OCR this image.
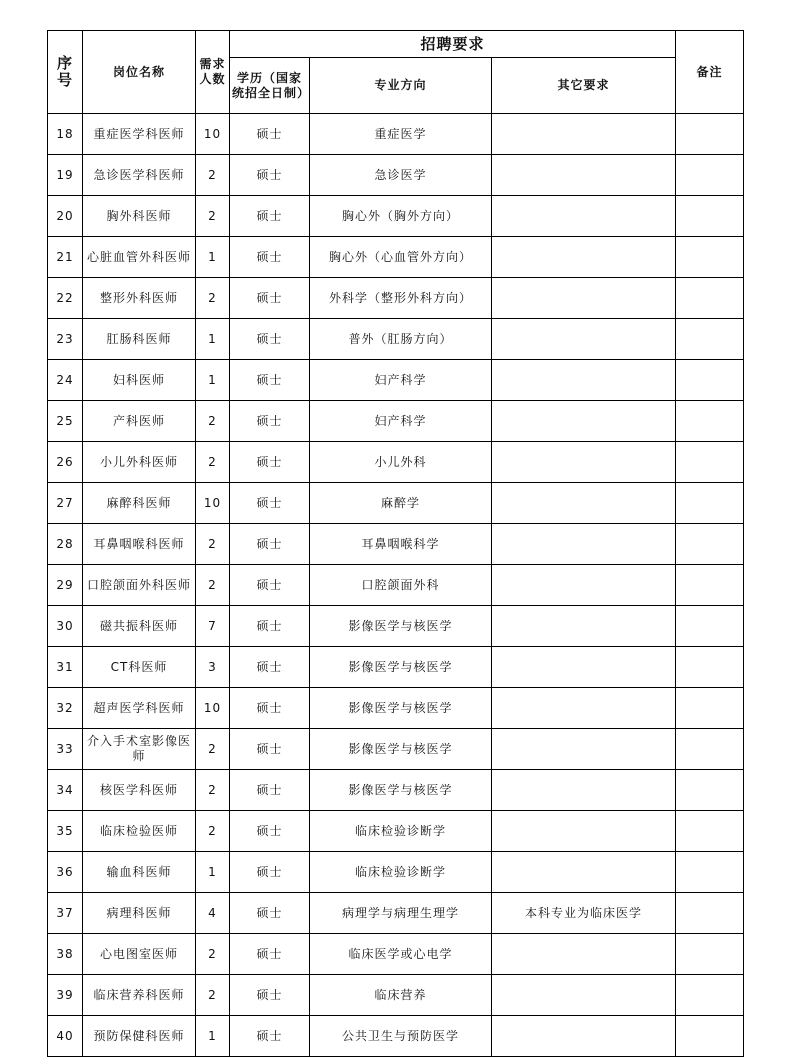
序号	岗位名称	需求人数	招聘要求			备注
			学历（国家统招全日制）	专业方向	其它要求	
18	重症医学科医师	10	硕士	重症医学		
19	急诊医学科医师	2	硕士	急诊医学		
20	胸外科医师	2	硕士	胸心外（胸外方向）		
21	心脏血管外科医师	1	硕士	胸心外（心血管外方向）		
22	整形外科医师	2	硕士	外科学（整形外科方向）		
23	肛肠科医师	1	硕士	普外（肛肠方向）		
24	妇科医师	1	硕士	妇产科学		
25	产科医师	2	硕士	妇产科学		
26	小儿外科医师	2	硕士	小儿外科		
27	麻醉科医师	10	硕士	麻醉学		
28	耳鼻咽喉科医师	2	硕士	耳鼻咽喉科学		
29	口腔颌面外科医师	2	硕士	口腔颌面外科		
30	磁共振科医师	7	硕士	影像医学与核医学		
31	CT科医师	3	硕士	影像医学与核医学		
32	超声医学科医师	10	硕士	影像医学与核医学		
33	介入手术室影像医师	2	硕士	影像医学与核医学		
34	核医学科医师	2	硕士	影像医学与核医学		
35	临床检验医师	2	硕士	临床检验诊断学		
36	输血科医师	1	硕士	临床检验诊断学		
37	病理科医师	4	硕士	病理学与病理生理学	本科专业为临床医学	
38	心电图室医师	2	硕士	临床医学或心电学		
39	临床营养科医师	2	硕士	临床营养		
40	预防保健科医师	1	硕士	公共卫生与预防医学		
